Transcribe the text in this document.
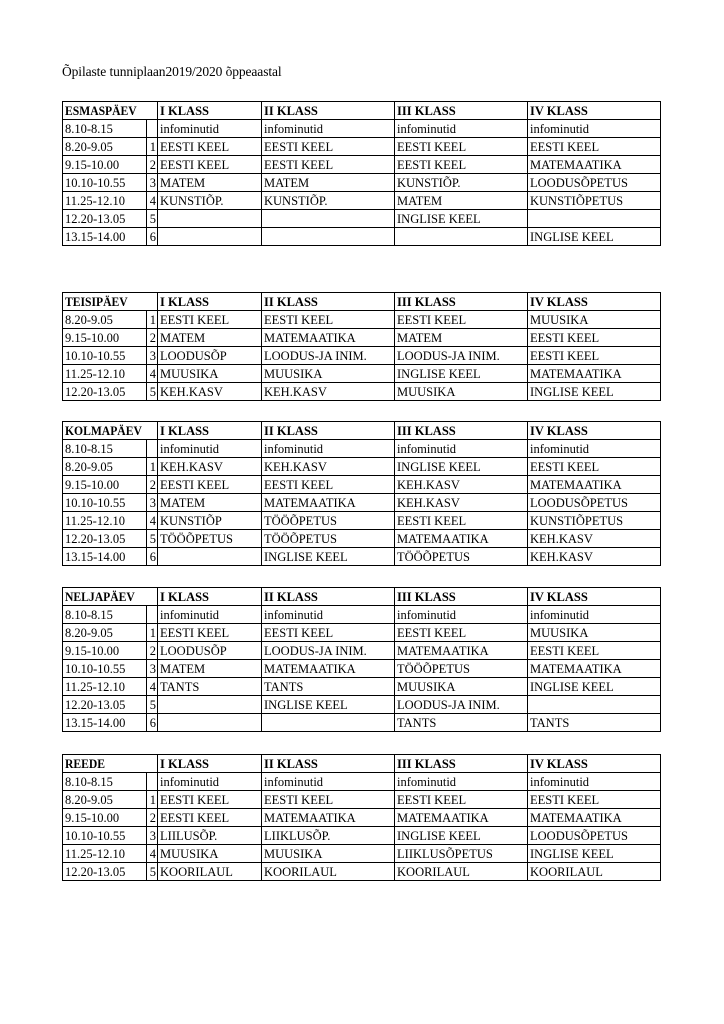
Õpilaste tunniplaan2019/2020 õppeaastal
ESMASPÄEV		I KLASS	II KLASS	III KLASS	IV KLASS
8.10-8.15		infominutid	infominutid	infominutid	infominutid
8.20-9.05	1	EESTI KEEL	EESTI KEEL	EESTI KEEL	EESTI KEEL
9.15-10.00	2	EESTI KEEL	EESTI KEEL	EESTI KEEL	MATEMAATIKA
10.10-10.55	3	MATEM	MATEM	KUNSTIÕP.	LOODUSÕPETUS
11.25-12.10	4	KUNSTIÕP.	KUNSTIÕP.	MATEM	KUNSTIÕPETUS
12.20-13.05	5			INGLISE KEEL	
13.15-14.00	6				INGLISE KEEL
TEISIPÄEV		I KLASS	II KLASS	III KLASS	IV KLASS
8.20-9.05	1	EESTI KEEL	EESTI KEEL	EESTI KEEL	MUUSIKA
9.15-10.00	2	MATEM	MATEMAATIKA	MATEM	EESTI KEEL
10.10-10.55	3	LOODUSÕP	LOODUS-JA INIM.	LOODUS-JA INIM.	EESTI KEEL
11.25-12.10	4	MUUSIKA	MUUSIKA	INGLISE KEEL	MATEMAATIKA
12.20-13.05	5	KEH.KASV	KEH.KASV	MUUSIKA	INGLISE KEEL
KOLMAPÄEV		I KLASS	II KLASS	III KLASS	IV KLASS
8.10-8.15		infominutid	infominutid	infominutid	infominutid
8.20-9.05	1	KEH.KASV	KEH.KASV	INGLISE KEEL	EESTI KEEL
9.15-10.00	2	EESTI KEEL	EESTI KEEL	KEH.KASV	MATEMAATIKA
10.10-10.55	3	MATEM	MATEMAATIKA	KEH.KASV	LOODUSÕPETUS
11.25-12.10	4	KUNSTIÕP	TÖÖÕPETUS	EESTI KEEL	KUNSTIÕPETUS
12.20-13.05	5	TÖÖÕPETUS	TÖÖÕPETUS	MATEMAATIKA	KEH.KASV
13.15-14.00	6		INGLISE KEEL	TÖÖÕPETUS	KEH.KASV
NELJAPÄEV		I KLASS	II KLASS	III KLASS	IV KLASS
8.10-8.15		infominutid	infominutid	infominutid	infominutid
8.20-9.05	1	EESTI KEEL	EESTI KEEL	EESTI KEEL	MUUSIKA
9.15-10.00	2	LOODUSÕP	LOODUS-JA INIM.	MATEMAATIKA	EESTI KEEL
10.10-10.55	3	MATEM	MATEMAATIKA	TÖÖÕPETUS	MATEMAATIKA
11.25-12.10	4	TANTS	TANTS	MUUSIKA	INGLISE KEEL
12.20-13.05	5		INGLISE KEEL	LOODUS-JA INIM.	
13.15-14.00	6			TANTS	TANTS
REEDE		I KLASS	II KLASS	III KLASS	IV KLASS
8.10-8.15		infominutid	infominutid	infominutid	infominutid
8.20-9.05	1	EESTI KEEL	EESTI KEEL	EESTI KEEL	EESTI KEEL
9.15-10.00	2	EESTI KEEL	MATEMAATIKA	MATEMAATIKA	MATEMAATIKA
10.10-10.55	3	LIILUSÕP.	LIIKLUSÕP.	INGLISE KEEL	LOODUSÕPETUS
11.25-12.10	4	MUUSIKA	MUUSIKA	LIIKLUSÕPETUS	INGLISE KEEL
12.20-13.05	5	KOORILAUL	KOORILAUL	KOORILAUL	KOORILAUL
